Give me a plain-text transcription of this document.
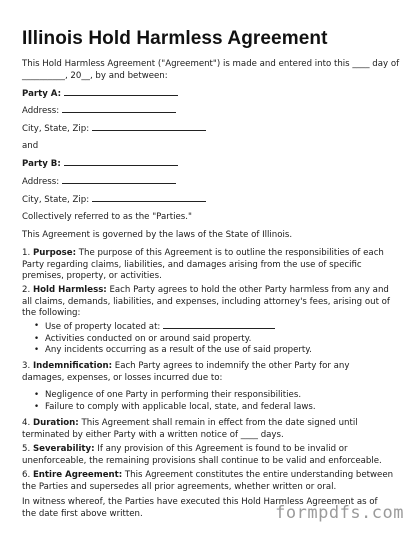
Illinois Hold Harmless Agreement
This Hold Harmless Agreement ("Agreement") is made and entered into this ____ day of
__________, 20__, by and between:
Party A:
Address:
City, State, Zip:
and
Party B:
Address:
City, State, Zip:
Collectively referred to as the "Parties."
This Agreement is governed by the laws of the State of Illinois.
1. Purpose: The purpose of this Agreement is to outline the responsibilities of each Party regarding claims, liabilities, and damages arising from the use of specific premises, property, or activities.
2. Hold Harmless: Each Party agrees to hold the other Party harmless from any and all claims, demands, liabilities, and expenses, including attorney's fees, arising out of the following:
• Use of property located at:
• Activities conducted on or around said property.
• Any incidents occurring as a result of the use of said property.
3. Indemnification: Each Party agrees to indemnify the other Party for any damages, expenses, or losses incurred due to:
• Negligence of one Party in performing their responsibilities.
• Failure to comply with applicable local, state, and federal laws.
4. Duration: This Agreement shall remain in effect from the date signed until terminated by either Party with a written notice of ____ days.
5. Severability: If any provision of this Agreement is found to be invalid or unenforceable, the remaining provisions shall continue to be valid and enforceable.
6. Entire Agreement: This Agreement constitutes the entire understanding between the Parties and supersedes all prior agreements, whether written or oral.
In witness whereof, the Parties have executed this Hold Harmless Agreement as of the date first above written.	formpdfs.com
